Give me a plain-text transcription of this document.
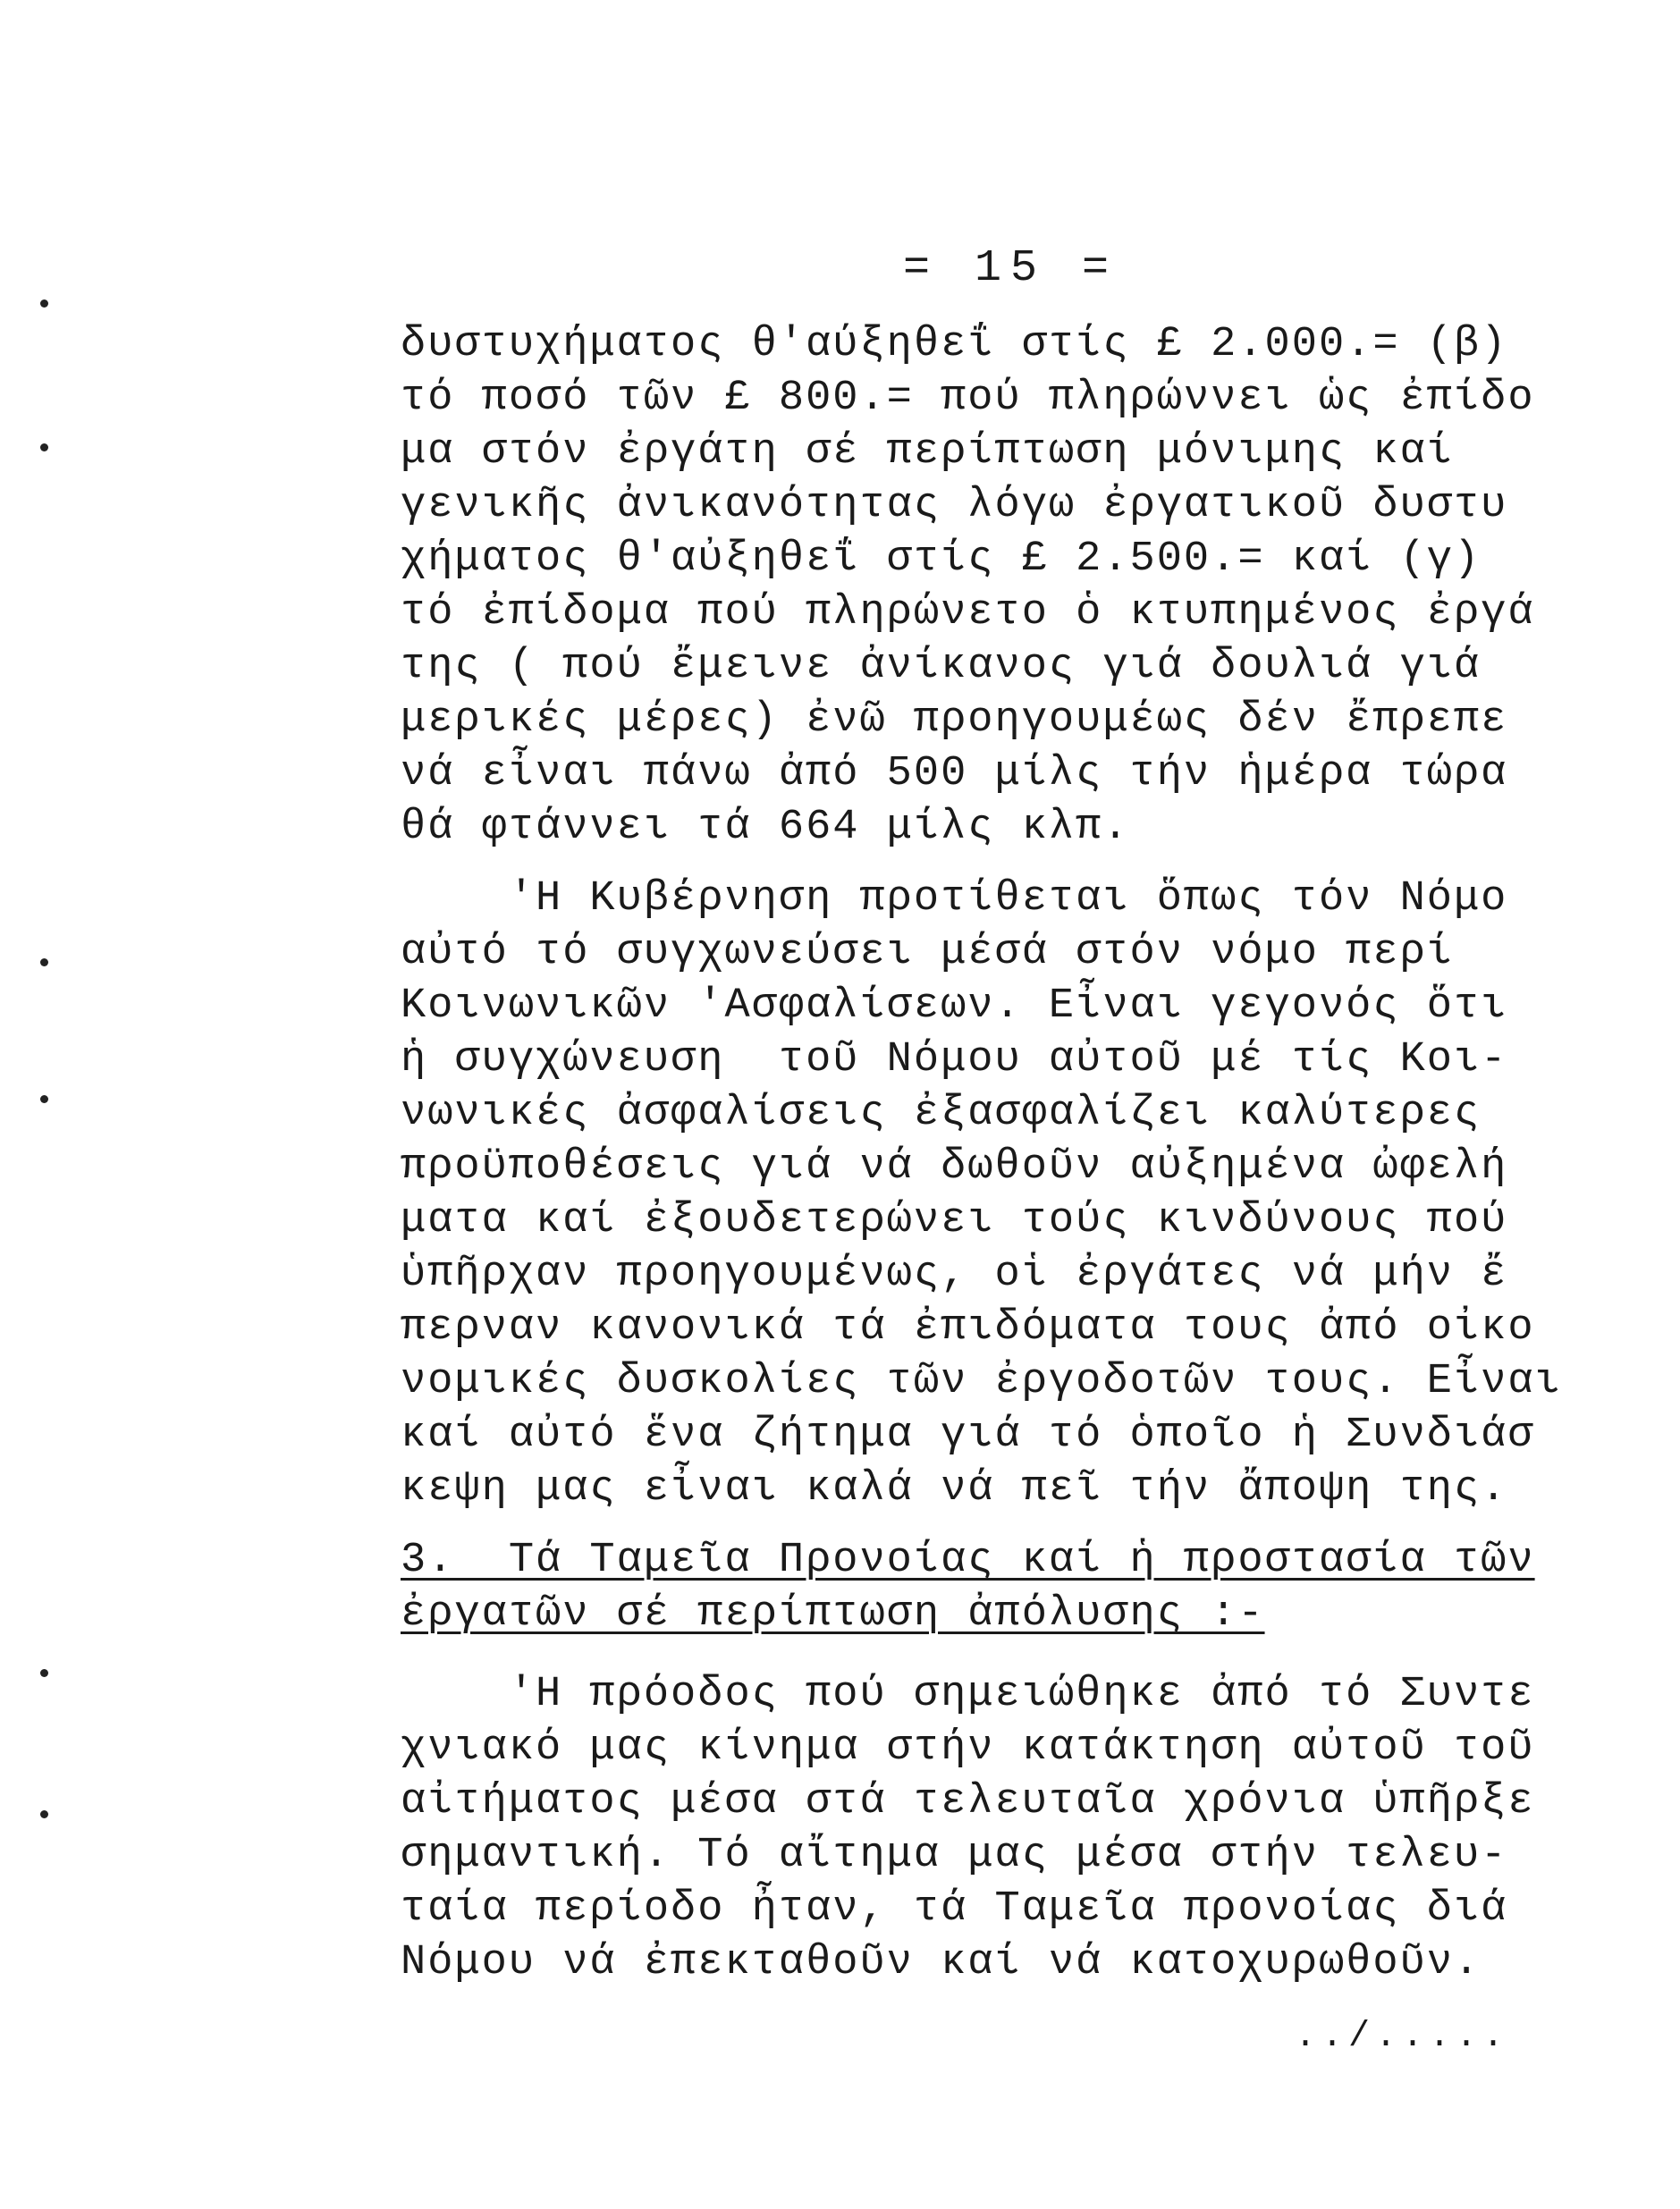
= 15 =
δυστυχήματος θ'αύξηθεΐ στίς £ 2.000.= (β)
τό ποσό τῶν £ 800.= πού πληρώννει ὡς ἐπίδο
μα στόν ἐργάτη σέ περίπτωση μόνιμης καί
γενικῆς ἀνικανότητας λόγω ἐργατικοῦ δυστυ
χήματος θ'αὐξηθεΐ στίς £ 2.500.= καί (γ)
τό ἐπίδομα πού πληρώνετο ὁ κτυπημένος ἐργά
της ( πού ἔμεινε ἀνίκανος γιά δουλιά γιά
μερικές μέρες) ἐνῶ προηγουμέως δέν ἔπρεπε
νά εἶναι πάνω ἀπό 500 μίλς τήν ἡμέρα τώρα
θά φτάννει τά 664 μίλς κλπ.
'Η Κυβέρνηση προτίθεται ὅπως τόν Νόμο
αὐτό τό συγχωνεύσει μέσά στόν νόμο περί
Κοινωνικῶν 'Ασφαλίσεων. Εἶναι γεγονός ὅτι
ἡ συγχώνευση  τοῦ Νόμου αὐτοῦ μέ τίς Κοι-
νωνικές ἀσφαλίσεις ἐξασφαλίζει καλύτερες
προϋποθέσεις γιά νά δωθοῦν αὐξημένα ὠφελή
ματα καί ἐξουδετερώνει τούς κινδύνους πού
ὑπῆρχαν προηγουμένως, οἱ ἐργάτες νά μήν ἔ
περναν κανονικά τά ἐπιδόματα τους ἀπό οἰκο
νομικές δυσκολίες τῶν ἐργοδοτῶν τους. Εἶναι
καί αὐτό ἕνα ζήτημα γιά τό ὁποῖο ἡ Συνδιάσ
κεψη μας εἶναι καλά νά πεῖ τήν ἄποψη της.
3.  Τά Ταμεῖα Προνοίας καί ἡ προστασία τῶν
ἐργατῶν σέ περίπτωση ἀπόλυσης :-
'Η πρόοδος πού σημειώθηκε ἀπό τό Συντε
χνιακό μας κίνημα στήν κατάκτηση αὐτοῦ τοῦ
αἰτήματος μέσα στά τελευταῖα χρόνια ὑπῆρξε
σημαντική. Τό αἴτημα μας μέσα στήν τελευ-
ταία περίοδο ἦταν, τά Ταμεῖα προνοίας διά
Νόμου νά ἐπεκταθοῦν καί νά κατοχυρωθοῦν.
../.....
